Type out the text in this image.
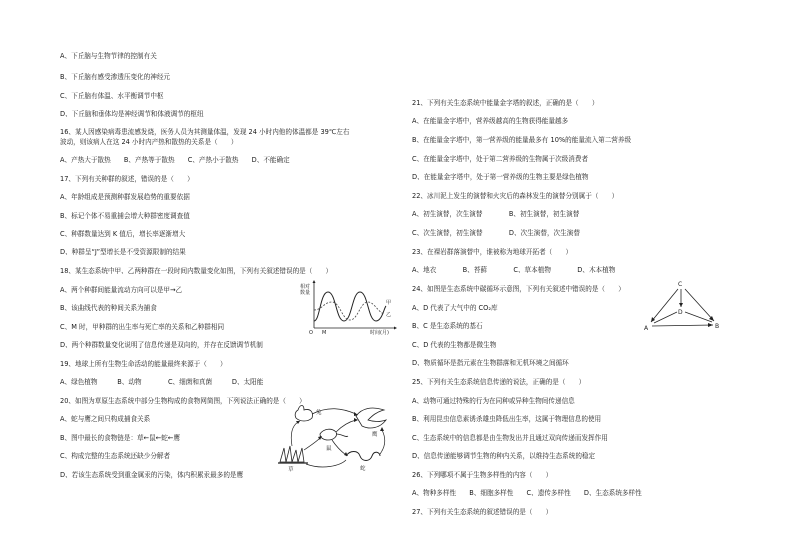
A、下丘脑与生物节律的控制有关
B、下丘脑有感受渗透压变化的神经元
C、下丘脑有体温、水平衡调节中枢
D、下丘脑和垂体均是神经调节和体液调节的枢纽
16、某人因感染病毒患流感发烧，医务人员为其测量体温，发现 24 小时内他的体温都是 39℃左右
波动，则该病人在这 24 小时内产热和散热的关系是（　　）
A、产热大于散热　　B、产热等于散热　　C、产热小于散热　　D、不能确定
17、下列有关种群的叙述，错误的是（　　）
A、年龄组成是预测种群发展趋势的重要依据
B、标记个体不易重捕会增大种群密度调查值
C、种群数量达到 K 值后，增长率逐渐增大
D、种群呈“J”型增长是不受资源限制的结果
18、某生态系统中甲、乙两种群在一段时间内数量变化如图，下列有关叙述错误的是（　　）
A、两个种群间能量流动方向可以是甲→乙
B、该曲线代表的种间关系为捕食
C、M 时，甲种群的出生率与死亡率的关系和乙种群相同
D、两个种群数量变化说明了信息传递是双向的，并存在反馈调节机制
19、地球上所有生物生命活动的能量最终来源于（　　）
A、绿色植物　　　B、动物　　　　C、细菌和真菌　　　D、太阳能
20、如图为草原生态系统中部分生物构成的食物网简图，下列说法正确的是（　　）
A、蛇与鹰之间只构成捕食关系
B、图中最长的食物链是：草←鼠←蛇←鹰
C、构成完整的生态系统还缺少分解者
D、若该生态系统受到重金属汞的污染，体内积累汞最多的是鹰
相对
数量
O M	时间(月)
甲
乙
鹰
兔
鼠
蛇
草
21、下列有关生态系统中能量金字塔的叙述，正确的是（　　）
A、在能量金字塔中，营养级越高的生物获得能量越多
B、在能量金字塔中，第一营养级的能量最多有 10%的能量流入第二营养级
C、在能量金字塔中，处于第二营养级的生物属于次级消费者
D、在能量金字塔中，处于第一营养级的生物主要是绿色植物
22、冰川泥上发生的演替和火灾后的森林发生的演替分别属于（　　）
A、初生演替，次生演替　　　　B、初生演替，初生演替
C、次生演替，初生演替　　　　D、次生演替，次生演替
23、在裸岩群落演替中，谁被称为地球开拓者（　　）
A、地衣　　　　B、苔藓　　　　C、草本植物　　　　D、木本植物
24、如图是生态系统中碳循环示意图，下列有关叙述中错误的是（　　）
A、D 代表了大气中的 CO₂库
B、C 是生态系统的基石
C、D 代表的生物都是微生物
D、物质循环是指元素在生物群落和无机环境之间循环
25、下列有关生态系统信息传递的说法，正确的是（　　）
A、动物可通过特殊的行为在同种或异种生物间传递信息
B、利用昆虫信息素诱杀雄虫降低出生率，这属于物理信息的使用
C、生态系统中的信息都是由生物发出并且通过双向传递而发挥作用
D、信息传递能够调节生物的种内关系，以维持生态系统的稳定
26、下列哪项不属于生物多样性的内容（　　）
A、物种多样性　　B、细胞多样性　　C、遗传多样性　　D、生态系统多样性
27、下列有关生态系统的叙述错误的是（　　）
C
D
A	B
